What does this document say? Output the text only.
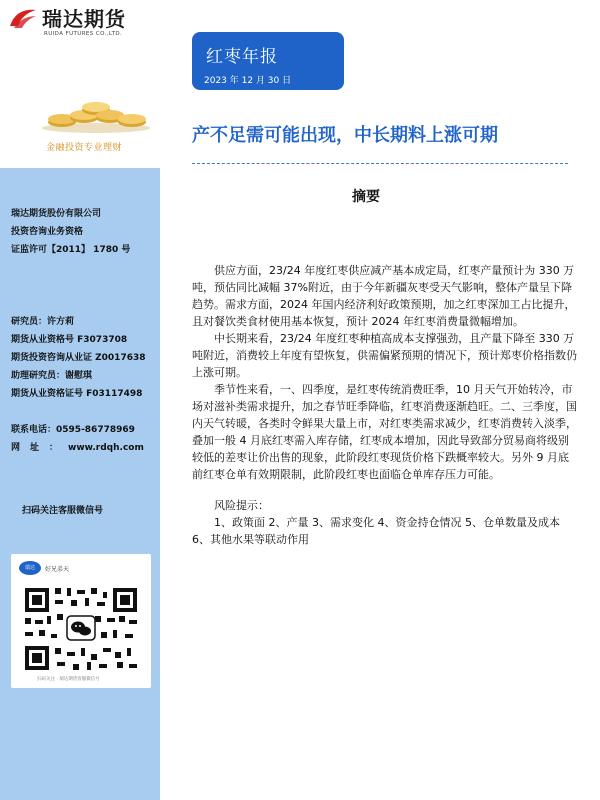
瑞达期货
RUIDA FUTURES CO.,LTD.
红枣年报
2023 年 12 月 30 日
金融投资专业理财
产不足需可能出现，中长期料上涨可期
瑞达期货股份有限公司
投资咨询业务资格
证监许可【2011】 1780 号
研究员：许方莉
期货从业资格号 F3073708
期货投资咨询从业证 Z0017638
助理研究员：谢慰琪
期货从业资格证号 F03117498
联系电话：0595-86778969
网址：www.rdqh.com
扫码关注客服微信号
瑞达	好兄弟天
扫码关注 · 瑞达期货客服微信号
摘要

供应方面，23/24 年度红枣供应减产基本成定局，红枣产量预计为 330 万吨，预估同比减幅 37%附近，由于今年新疆灰枣受天气影响，整体产量呈下降趋势。需求方面，2024 年国内经济利好政策预期，加之红枣深加工占比提升，且对餐饮类食材使用基本恢复，预计 2024 年红枣消费量微幅增加。

中长期来看，23/24 年度红枣种植高成本支撑强劲，且产量下降至 330 万吨附近，消费较上年度有望恢复，供需偏紧预期的情况下，预计郑枣价格指数仍上涨可期。

季节性来看，一、四季度，是红枣传统消费旺季，10 月天气开始转冷，市场对滋补类需求提升，加之春节旺季降临，红枣消费逐渐趋旺。二、三季度，国内天气转暖，各类时令鲜果大量上市，对红枣类需求减少，红枣消费转入淡季，叠加一般 4 月底红枣需入库存储，红枣成本增加，因此导致部分贸易商将级别较低的差枣让价出售的现象，此阶段红枣现货价格下跌概率较大。另外 9 月底前红枣仓单有效期限制，此阶段红枣也面临仓单库存压力可能。

风险提示：

1、政策面 2、产量 3、需求变化 4、资金持仓情况 5、仓单数量及成本 6、其他水果等联动作用
